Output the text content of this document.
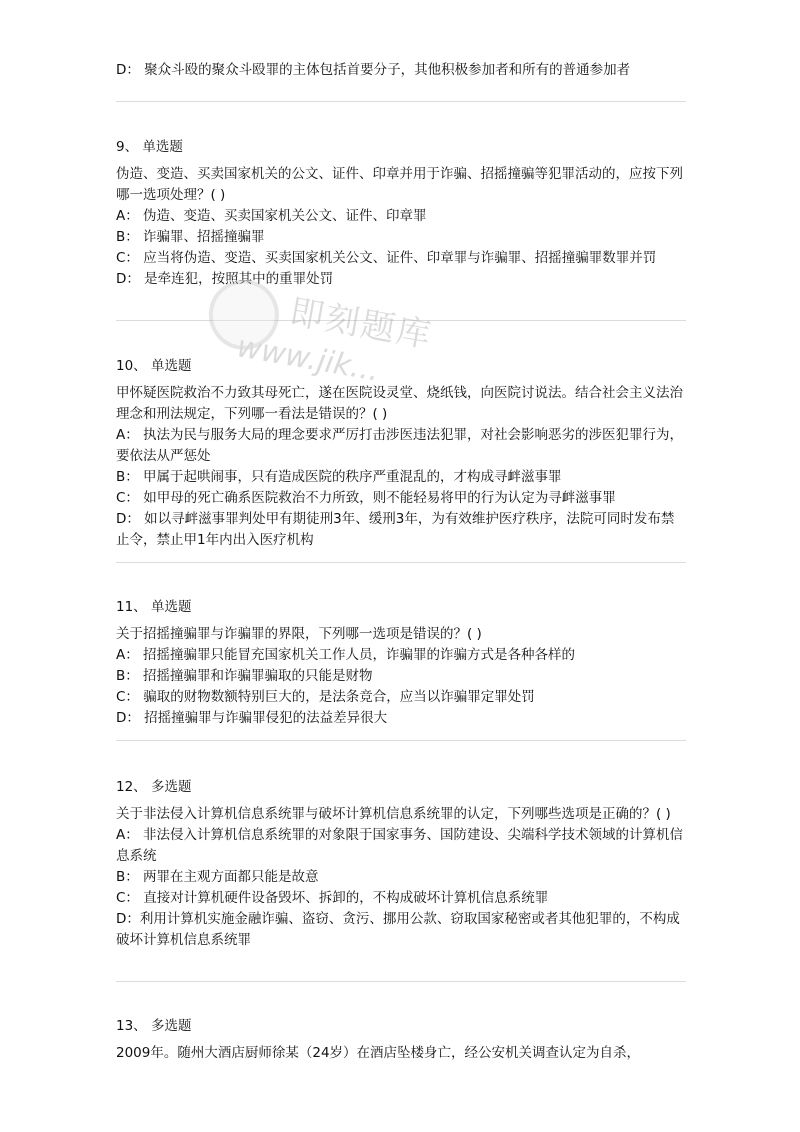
D： 聚众斗殴的聚众斗殴罪的主体包括首要分子，其他积极参加者和所有的普通参加者

9、 单选题

伪造、变造、买卖国家机关的公文、证件、印章并用于诈骗、招摇撞骗等犯罪活动的，应按下列哪一选项处理？( )

A： 伪造、变造、买卖国家机关公文、证件、印章罪

B： 诈骗罪、招摇撞骗罪

C： 应当将伪造、变造、买卖国家机关公文、证件、印章罪与诈骗罪、招摇撞骗罪数罪并罚

D： 是牵连犯，按照其中的重罪处罚

10、 单选题

甲怀疑医院救治不力致其母死亡，遂在医院设灵堂、烧纸钱，向医院讨说法。结合社会主义法治理念和刑法规定，下列哪一看法是错误的？( )

A： 执法为民与服务大局的理念要求严厉打击涉医违法犯罪，对社会影响恶劣的涉医犯罪行为，要依法从严惩处

B： 甲属于起哄闹事，只有造成医院的秩序严重混乱的，才构成寻衅滋事罪

C： 如甲母的死亡确系医院救治不力所致，则不能轻易将甲的行为认定为寻衅滋事罪

D： 如以寻衅滋事罪判处甲有期徒刑3年、缓刑3年，为有效维护医疗秩序，法院可同时发布禁止令，禁止甲1年内出入医疗机构

11、 单选题

关于招摇撞骗罪与诈骗罪的界限，下列哪一选项是错误的？( )

A： 招摇撞骗罪只能冒充国家机关工作人员，诈骗罪的诈骗方式是各种各样的

B： 招摇撞骗罪和诈骗罪骗取的只能是财物

C： 骗取的财物数额特别巨大的，是法条竞合，应当以诈骗罪定罪处罚

D： 招摇撞骗罪与诈骗罪侵犯的法益差异很大

12、 多选题

关于非法侵入计算机信息系统罪与破坏计算机信息系统罪的认定，下列哪些选项是正确的？( )

A： 非法侵入计算机信息系统罪的对象限于国家事务、国防建设、尖端科学技术领域的计算机信息系统

B： 两罪在主观方面都只能是故意

C： 直接对计算机硬件设备毁坏、拆卸的，不构成破坏计算机信息系统罪

D：利用计算机实施金融诈骗、盗窃、贪污、挪用公款、窃取国家秘密或者其他犯罪的，不构成破坏计算机信息系统罪

13、 多选题

2009年。随州大酒店厨师徐某（24岁）在酒店坠楼身亡，经公安机关调查认定为自杀，

即刻题库
www.jik...
